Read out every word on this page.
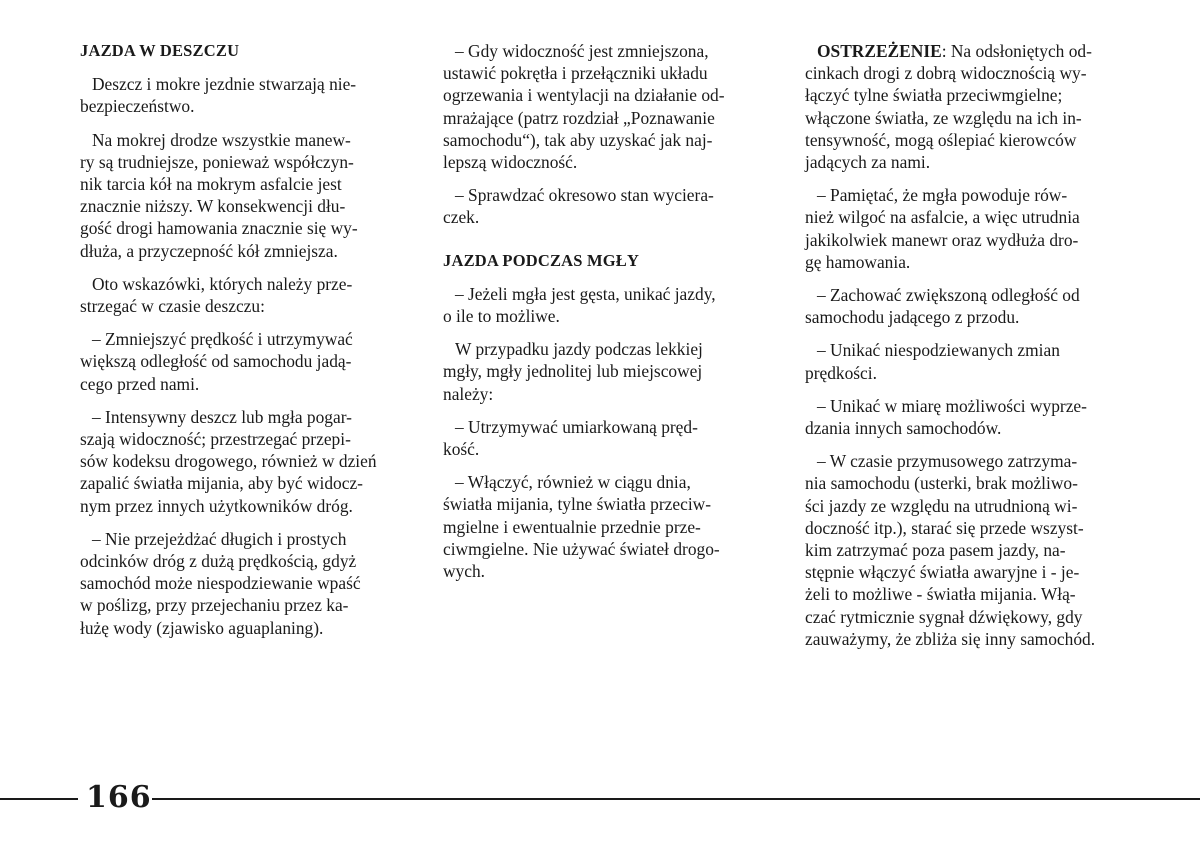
JAZDA W DESZCZU
Deszcz i mokre jezdnie stwarzają nie-
bezpieczeństwo.
Na mokrej drodze wszystkie manew-
ry są trudniejsze, ponieważ współczyn-
nik tarcia kół na mokrym asfalcie jest
znacznie niższy. W konsekwencji dłu-
gość drogi hamowania znacznie się wy-
dłuża, a przyczepność kół zmniejsza.
Oto wskazówki, których należy prze-
strzegać w czasie deszczu:
– Zmniejszyć prędkość i utrzymywać
większą odległość od samochodu jadą-
cego przed nami.
– Intensywny deszcz lub mgła pogar-
szają widoczność; przestrzegać przepi-
sów kodeksu drogowego, również w dzień
zapalić światła mijania, aby być widocz-
nym przez innych użytkowników dróg.
– Nie przejeżdżać długich i prostych
odcinków dróg z dużą prędkością, gdyż
samochód może niespodziewanie wpaść
w poślizg, przy przejechaniu przez ka-
łużę wody (zjawisko aguaplaning).
– Gdy widoczność jest zmniejszona,
ustawić pokrętła i przełączniki układu
ogrzewania i wentylacji na działanie od-
mrażające (patrz rozdział „Poznawanie
samochodu“), tak aby uzyskać jak naj-
lepszą widoczność.
– Sprawdzać okresowo stan wyciera-
czek.
JAZDA PODCZAS MGŁY
– Jeżeli mgła jest gęsta, unikać jazdy,
o ile to możliwe.
W przypadku jazdy podczas lekkiej
mgły, mgły jednolitej lub miejscowej
należy:
– Utrzymywać umiarkowaną pręd-
kość.
– Włączyć, również w ciągu dnia,
światła mijania, tylne światła przeciw-
mgielne i ewentualnie przednie prze-
ciwmgielne. Nie używać świateł drogo-
wych.
OSTRZEŻENIE: Na odsłoniętych od-
cinkach drogi z dobrą widocznością wy-
łączyć tylne światła przeciwmgielne;
włączone światła, ze względu na ich in-
tensywność, mogą oślepiać kierowców
jadących za nami.
– Pamiętać, że mgła powoduje rów-
nież wilgoć na asfalcie, a więc utrudnia
jakikolwiek manewr oraz wydłuża dro-
gę hamowania.
– Zachować zwiększoną odległość od
samochodu jadącego z przodu.
– Unikać niespodziewanych zmian
prędkości.
– Unikać w miarę możliwości wyprze-
dzania innych samochodów.
– W czasie przymusowego zatrzyma-
nia samochodu (usterki, brak możliwo-
ści jazdy ze względu na utrudnioną wi-
doczność itp.), starać się przede wszyst-
kim zatrzymać poza pasem jazdy, na-
stępnie włączyć światła awaryjne i - je-
żeli to możliwe - światła mijania. Włą-
czać rytmicznie sygnał dźwiękowy, gdy
zauważymy, że zbliża się inny samochód.
166
